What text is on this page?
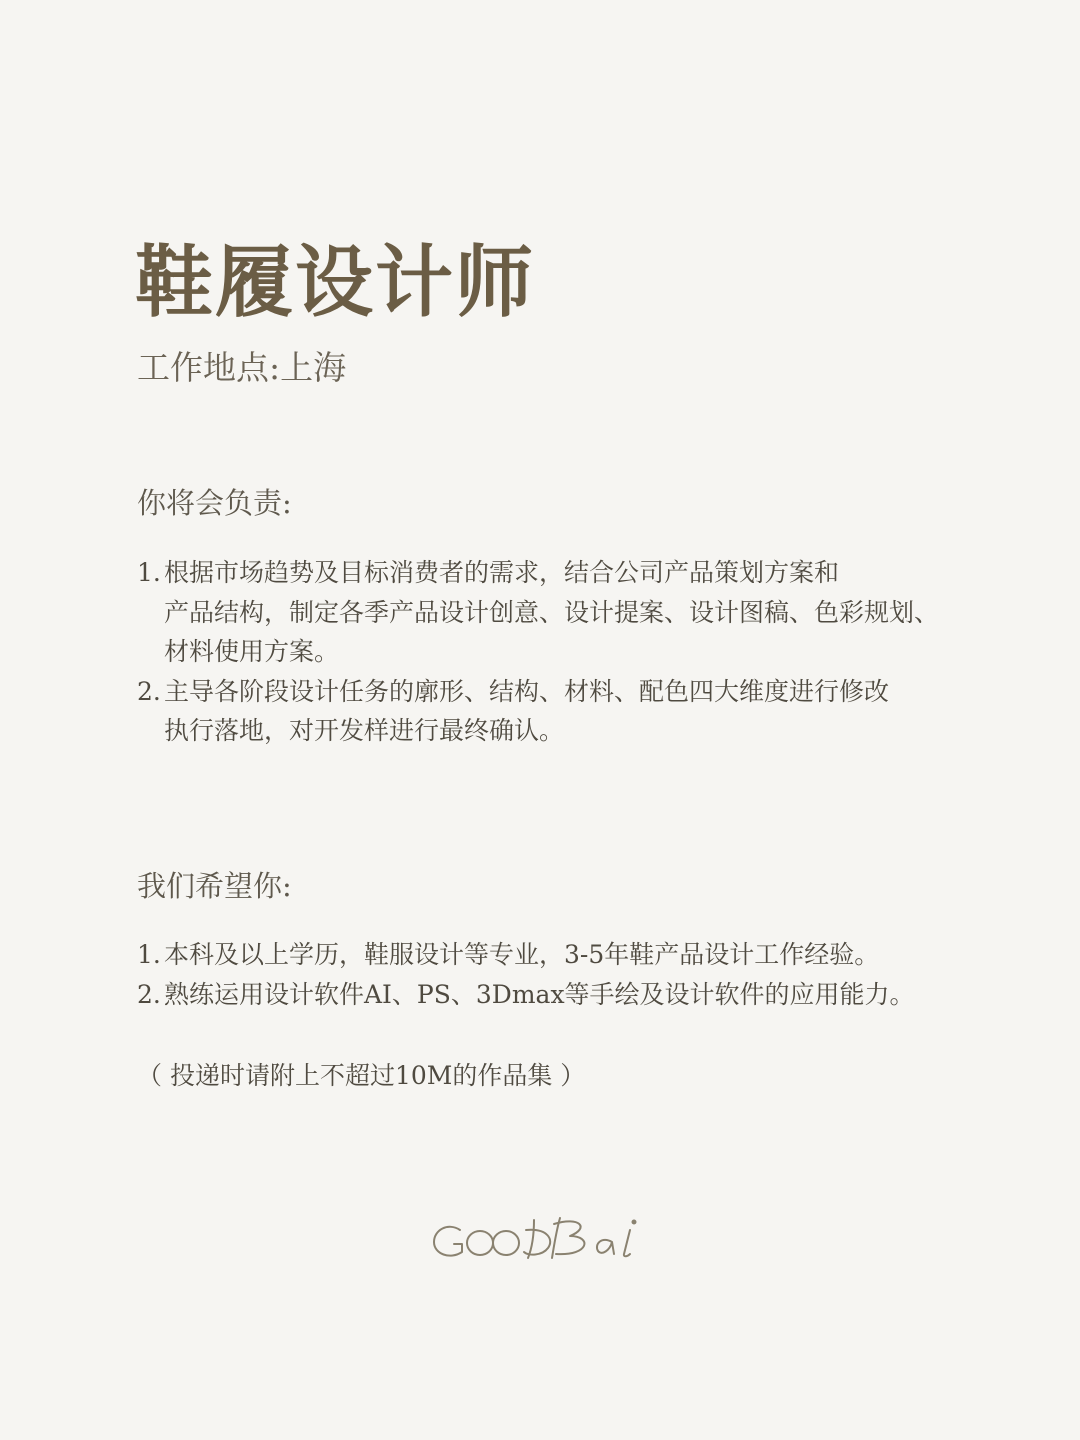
鞋履设计师
工作地点:上海
你将会负责:
1. 根据市场趋势及目标消费者的需求，结合公司产品策划方案和
产品结构，制定各季产品设计创意、设计提案、设计图稿、色彩规划、
材料使用方案。
2. 主导各阶段设计任务的廓形、结构、材料、配色四大维度进行修改
执行落地，对开发样进行最终确认。
我们希望你:
1. 本科及以上学历，鞋服设计等专业，3-5年鞋产品设计工作经验。
2. 熟练运用设计软件AI、PS、3Dmax等手绘及设计软件的应用能力。
（ 投递时请附上不超过10M的作品集 ）
